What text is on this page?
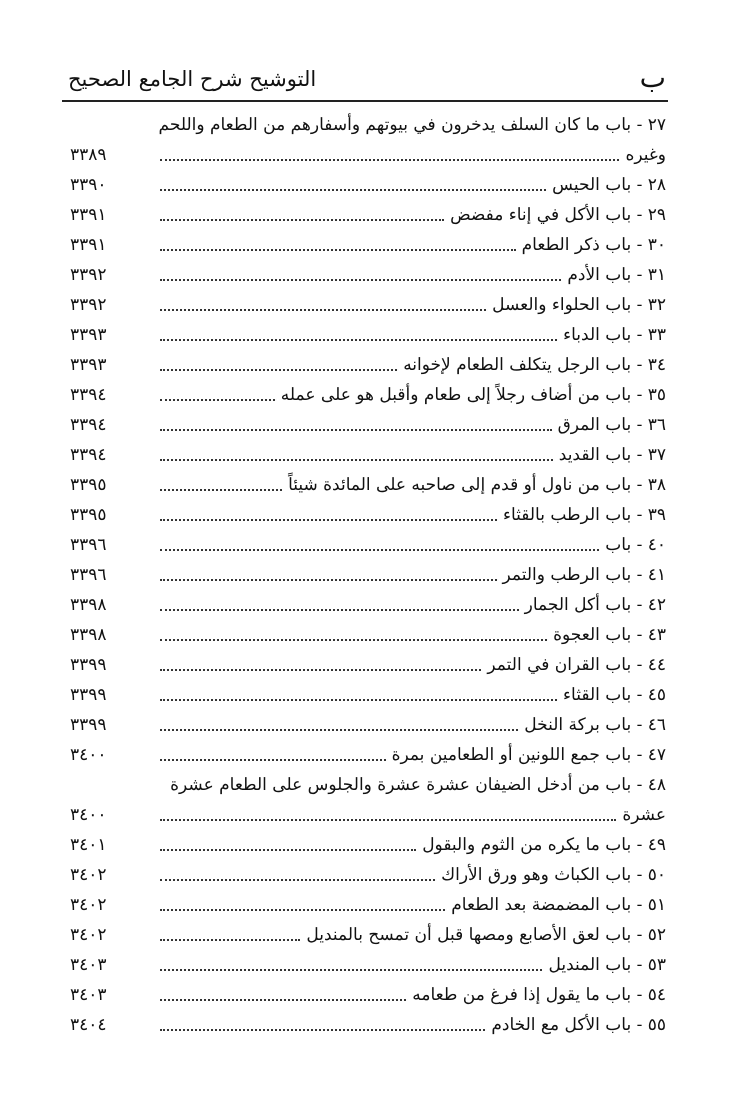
ب
التوشيح شرح الجامع الصحيح
٢٧ - باب ما كان السلف يدخرون في بيوتهم وأسفارهم من الطعام واللحم
٣٣٨٩	وغيره
٣٣٩٠	٢٨ - باب الحيس
٣٣٩١	٢٩ - باب الأكل في إناء مفضض
٣٣٩١	٣٠ - باب ذكر الطعام
٣٣٩٢	٣١ - باب الأدم
٣٣٩٢	٣٢ - باب الحلواء والعسل
٣٣٩٣	٣٣ - باب الدباء
٣٣٩٣	٣٤ - باب الرجل يتكلف الطعام لإخوانه
٣٣٩٤	٣٥ - باب من أضاف رجلاً إلى طعام وأقبل هو على عمله
٣٣٩٤	٣٦ - باب المرق
٣٣٩٤	٣٧ - باب القديد
٣٣٩٥	٣٨ - باب من ناول أو قدم إلى صاحبه على المائدة شيئاً
٣٣٩٥	٣٩ - باب الرطب بالقثاء
٣٣٩٦	٤٠ - باب
٣٣٩٦	٤١ - باب الرطب والتمر
٣٣٩٨	٤٢ - باب أكل الجمار
٣٣٩٨	٤٣ - باب العجوة
٣٣٩٩	٤٤ - باب القران في التمر
٣٣٩٩	٤٥ - باب القثاء
٣٣٩٩	٤٦ - باب بركة النخل
٣٤٠٠	٤٧ - باب جمع اللونين أو الطعامين بمرة
٤٨ - باب من أدخل الضيفان عشرة عشرة والجلوس على الطعام عشرة
٣٤٠٠	عشرة
٣٤٠١	٤٩ - باب ما يكره من الثوم والبقول
٣٤٠٢	٥٠ - باب الكباث وهو ورق الأراك
٣٤٠٢	٥١ - باب المضمضة بعد الطعام
٣٤٠٢	٥٢ - باب لعق الأصابع ومصها قبل أن تمسح بالمنديل
٣٤٠٣	٥٣ - باب المنديل
٣٤٠٣	٥٤ - باب ما يقول إذا فرغ من طعامه
٣٤٠٤	٥٥ - باب الأكل مع الخادم
